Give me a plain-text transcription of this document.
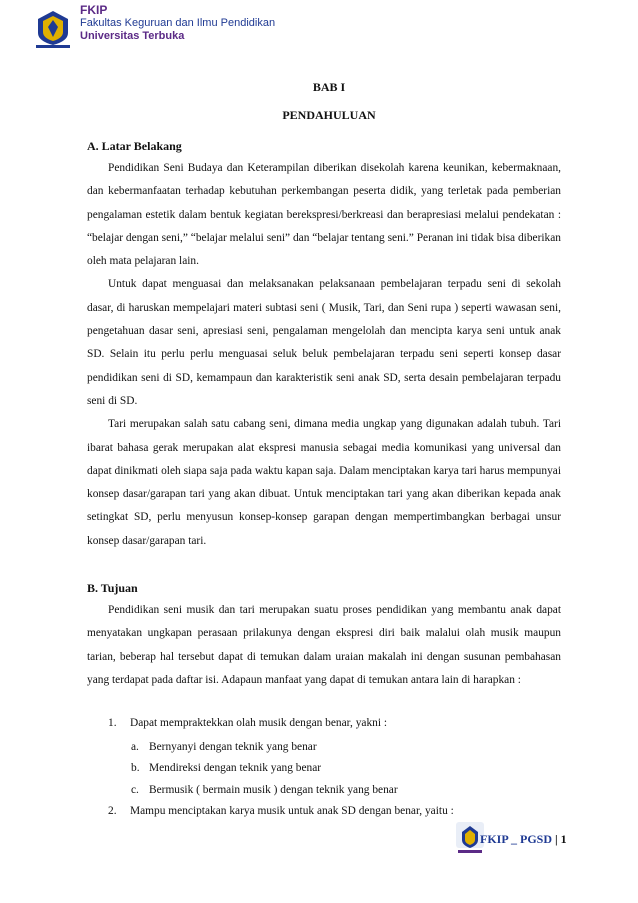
FKIP
Fakultas Keguruan dan Ilmu Pendidikan
Universitas Terbuka
BAB I
PENDAHULUAN
A. Latar Belakang

Pendidikan Seni Budaya dan Keterampilan diberikan disekolah karena keunikan, kebermaknaan, dan kebermanfaatan terhadap kebutuhan perkembangan peserta didik, yang terletak pada pemberian pengalaman estetik dalam bentuk kegiatan berekspresi/berkreasi dan berapresiasi melalui pendekatan : “belajar dengan seni,” “belajar melalui seni” dan “belajar tentang seni.” Peranan ini tidak bisa diberikan oleh mata pelajaran lain.

Untuk dapat menguasai dan melaksanakan pelaksanaan pembelajaran terpadu seni di sekolah dasar, di haruskan mempelajari materi subtasi seni ( Musik, Tari, dan Seni rupa ) seperti wawasan seni, pengetahuan dasar seni, apresiasi seni, pengalaman mengelolah dan mencipta karya seni untuk anak SD. Selain itu perlu perlu menguasai seluk beluk pembelajaran terpadu seni seperti konsep dasar pendidikan seni di SD, kemampaun dan karakteristik seni anak SD, serta desain pembelajaran terpadu seni di SD.

Tari merupakan salah satu cabang seni, dimana media ungkap yang digunakan adalah tubuh. Tari ibarat bahasa gerak merupakan alat ekspresi manusia sebagai media komunikasi yang universal dan dapat dinikmati oleh siapa saja pada waktu kapan saja. Dalam menciptakan karya tari harus mempunyai konsep dasar/garapan tari yang akan dibuat. Untuk menciptakan tari yang akan diberikan kepada anak setingkat SD, perlu menyusun konsep-konsep garapan dengan mempertimbangkan berbagai unsur konsep dasar/garapan tari.

B. Tujuan

Pendidikan seni musik dan tari merupakan suatu proses pendidikan yang membantu anak dapat menyatakan ungkapan perasaan prilakunya dengan ekspresi diri baik malalui olah musik maupun tarian, beberap hal tersebut dapat di temukan dalam uraian makalah ini dengan susunan pembahasan yang terdapat pada daftar isi. Adapaun manfaat yang dapat di temukan antara lain di harapkan :

1. Dapat mempraktekkan olah musik dengan benar, yakni :
a. Bernyanyi dengan teknik yang benar
b. Mendireksi dengan teknik yang benar
c. Bermusik ( bermain musik ) dengan teknik yang benar
2. Mampu menciptakan karya musik untuk anak SD dengan benar, yaitu :
FKIP _ PGSD | 1
